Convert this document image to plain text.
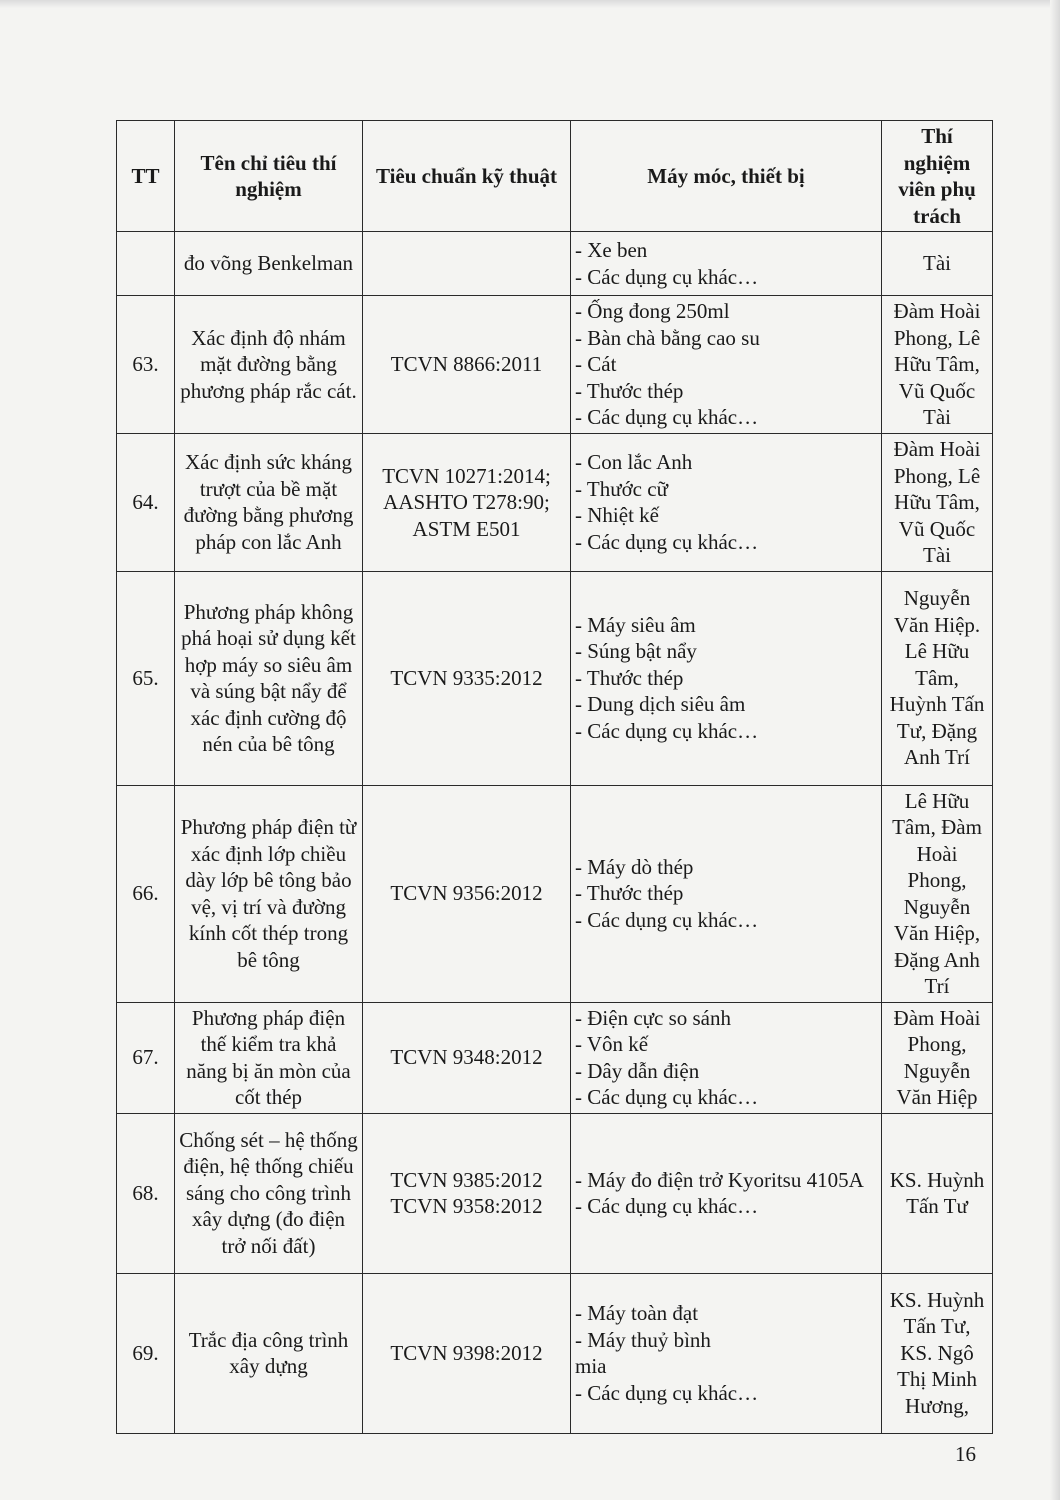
TT	Tên chỉ tiêu thí nghiệm	Tiêu chuẩn kỹ thuật	Máy móc, thiết bị	Thí nghiệm viên phụ trách
	đo võng Benkelman		- Xe ben
- Các dụng cụ khác…	Tài
63.	Xác định độ nhám mặt đường bằng phương pháp rắc cát.	TCVN 8866:2011	- Ống đong 250ml
- Bàn chà bằng cao su
- Cát
- Thước thép
- Các dụng cụ khác…	Đàm Hoài Phong, Lê Hữu Tâm, Vũ Quốc Tài
64.	Xác định sức kháng trượt của bề mặt đường bằng phương pháp con lắc Anh	TCVN 10271:2014; AASHTO T278:90; ASTM E501	- Con lắc Anh
- Thước cữ
- Nhiệt kế
- Các dụng cụ khác…	Đàm Hoài Phong, Lê Hữu Tâm, Vũ Quốc Tài
65.	Phương pháp không phá hoại sử dụng kết hợp máy so siêu âm và súng bật nẩy để xác định cường độ nén của bê tông	TCVN 9335:2012	- Máy siêu âm
- Súng bật nẩy
- Thước thép
- Dung dịch siêu âm
- Các dụng cụ khác…	Nguyễn Văn Hiệp. Lê Hữu Tâm, Huỳnh Tấn Tư, Đặng Anh Trí
66.	Phương pháp điện từ xác định lớp chiều dày lớp bê tông bảo vệ, vị trí và đường kính cốt thép trong bê tông	TCVN 9356:2012	- Máy dò thép
- Thước thép
- Các dụng cụ khác…	Lê Hữu Tâm, Đàm Hoài Phong, Nguyễn Văn Hiệp, Đặng Anh Trí
67.	Phương pháp điện thế kiểm tra khả năng bị ăn mòn của cốt thép	TCVN 9348:2012	- Điện cực so sánh
- Vôn kế
- Dây dẫn điện
- Các dụng cụ khác…	Đàm Hoài Phong, Nguyễn Văn Hiệp
68.	Chống sét – hệ thống điện, hệ thống chiếu sáng cho công trình xây dựng (đo điện trở nối đất)	TCVN 9385:2012 TCVN 9358:2012	- Máy đo điện trở Kyoritsu 4105A
- Các dụng cụ khác…	KS. Huỳnh Tấn Tư
69.	Trắc địa công trình xây dựng	TCVN 9398:2012	- Máy toàn đạt
- Máy thuỷ bình
mia
- Các dụng cụ khác…	KS. Huỳnh Tấn Tư, KS. Ngô Thị Minh Hương,
16
